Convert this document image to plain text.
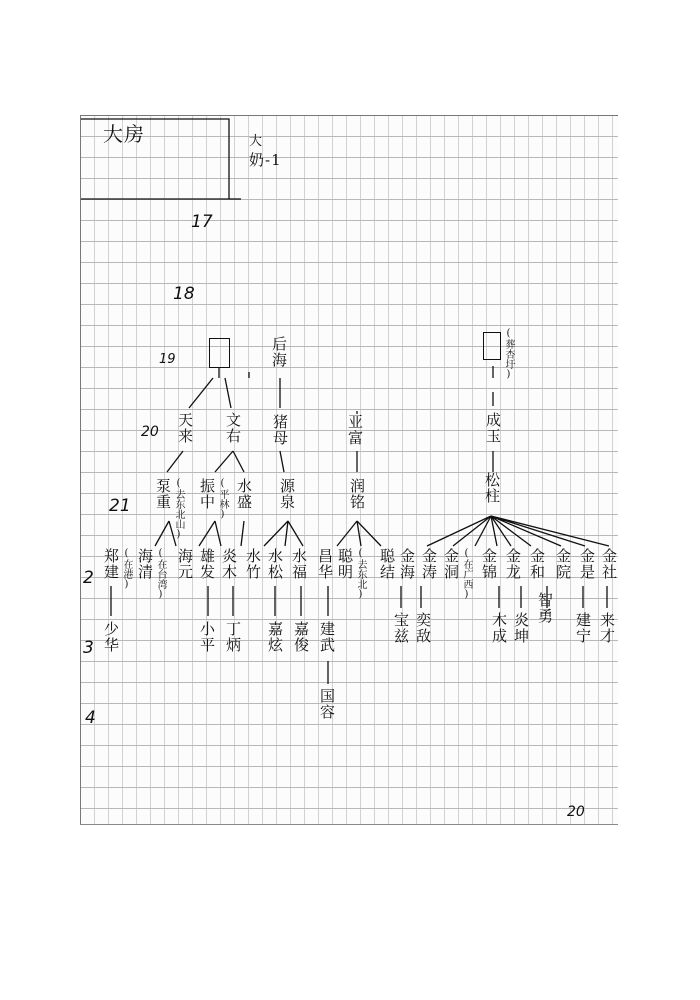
大房	大
奶-1
17
18
19
20
21
2
3
4
后海	(葬杏圩)
天来 文右 猪母	亚富	成玉
泵重 (去东北山) 振中 (平林) 水盛 源泉	润铭	松柱
郑建 (在港) 海清 (在台湾) 海元 雄发 炎木 水竹 水松 水福 昌华 聪明 (去东北) 聪结 金海 金涛 金洞 (在广西) 金锦 金龙 金和 金院 金是 金社
少华	小平 丁炳 嘉炫 嘉俊 建武	宝兹 奕敌	木成 炎坤
智勇
建宁 来才
国容
20
